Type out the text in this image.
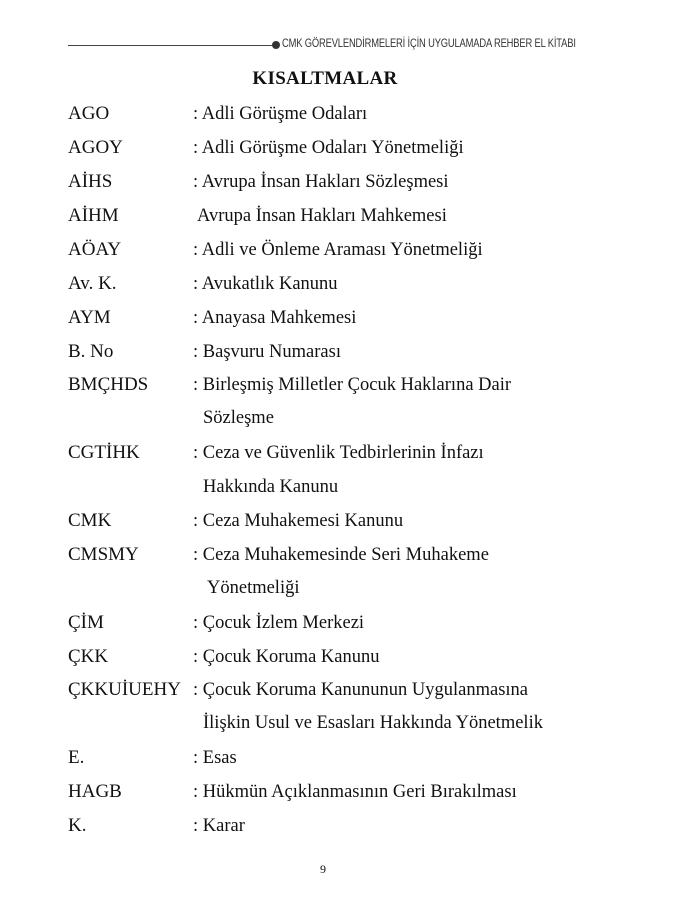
CMK GÖREVLENDİRMELERİ İÇİN UYGULAMADA REHBER EL KİTABI
KISALTMALAR
AGO	: Adli Görüşme Odaları
AGOY	: Adli Görüşme Odaları Yönetmeliği
AİHS	: Avrupa İnsan Hakları Sözleşmesi
AİHM	Avrupa İnsan Hakları Mahkemesi
AÖAY	: Adli ve Önleme Araması Yönetmeliği
Av. K.	: Avukatlık Kanunu
AYM	: Anayasa Mahkemesi
B. No	: Başvuru Numarası
BMÇHDS : Birleşmiş Milletler Çocuk Haklarına Dair
Sözleşme
CGTİHK	: Ceza ve Güvenlik Tedbirlerinin İnfazı
Hakkında Kanunu
CMK	: Ceza Muhakemesi Kanunu
CMSMY	: Ceza Muhakemesinde Seri Muhakeme
Yönetmeliği
ÇİM	: Çocuk İzlem Merkezi
ÇKK	: Çocuk Koruma Kanunu
ÇKKUİUEHY : Çocuk Koruma Kanununun Uygulanmasına
İlişkin Usul ve Esasları Hakkında Yönetmelik
E.	: Esas
HAGB	: Hükmün Açıklanmasının Geri Bırakılması
K.	: Karar
9
